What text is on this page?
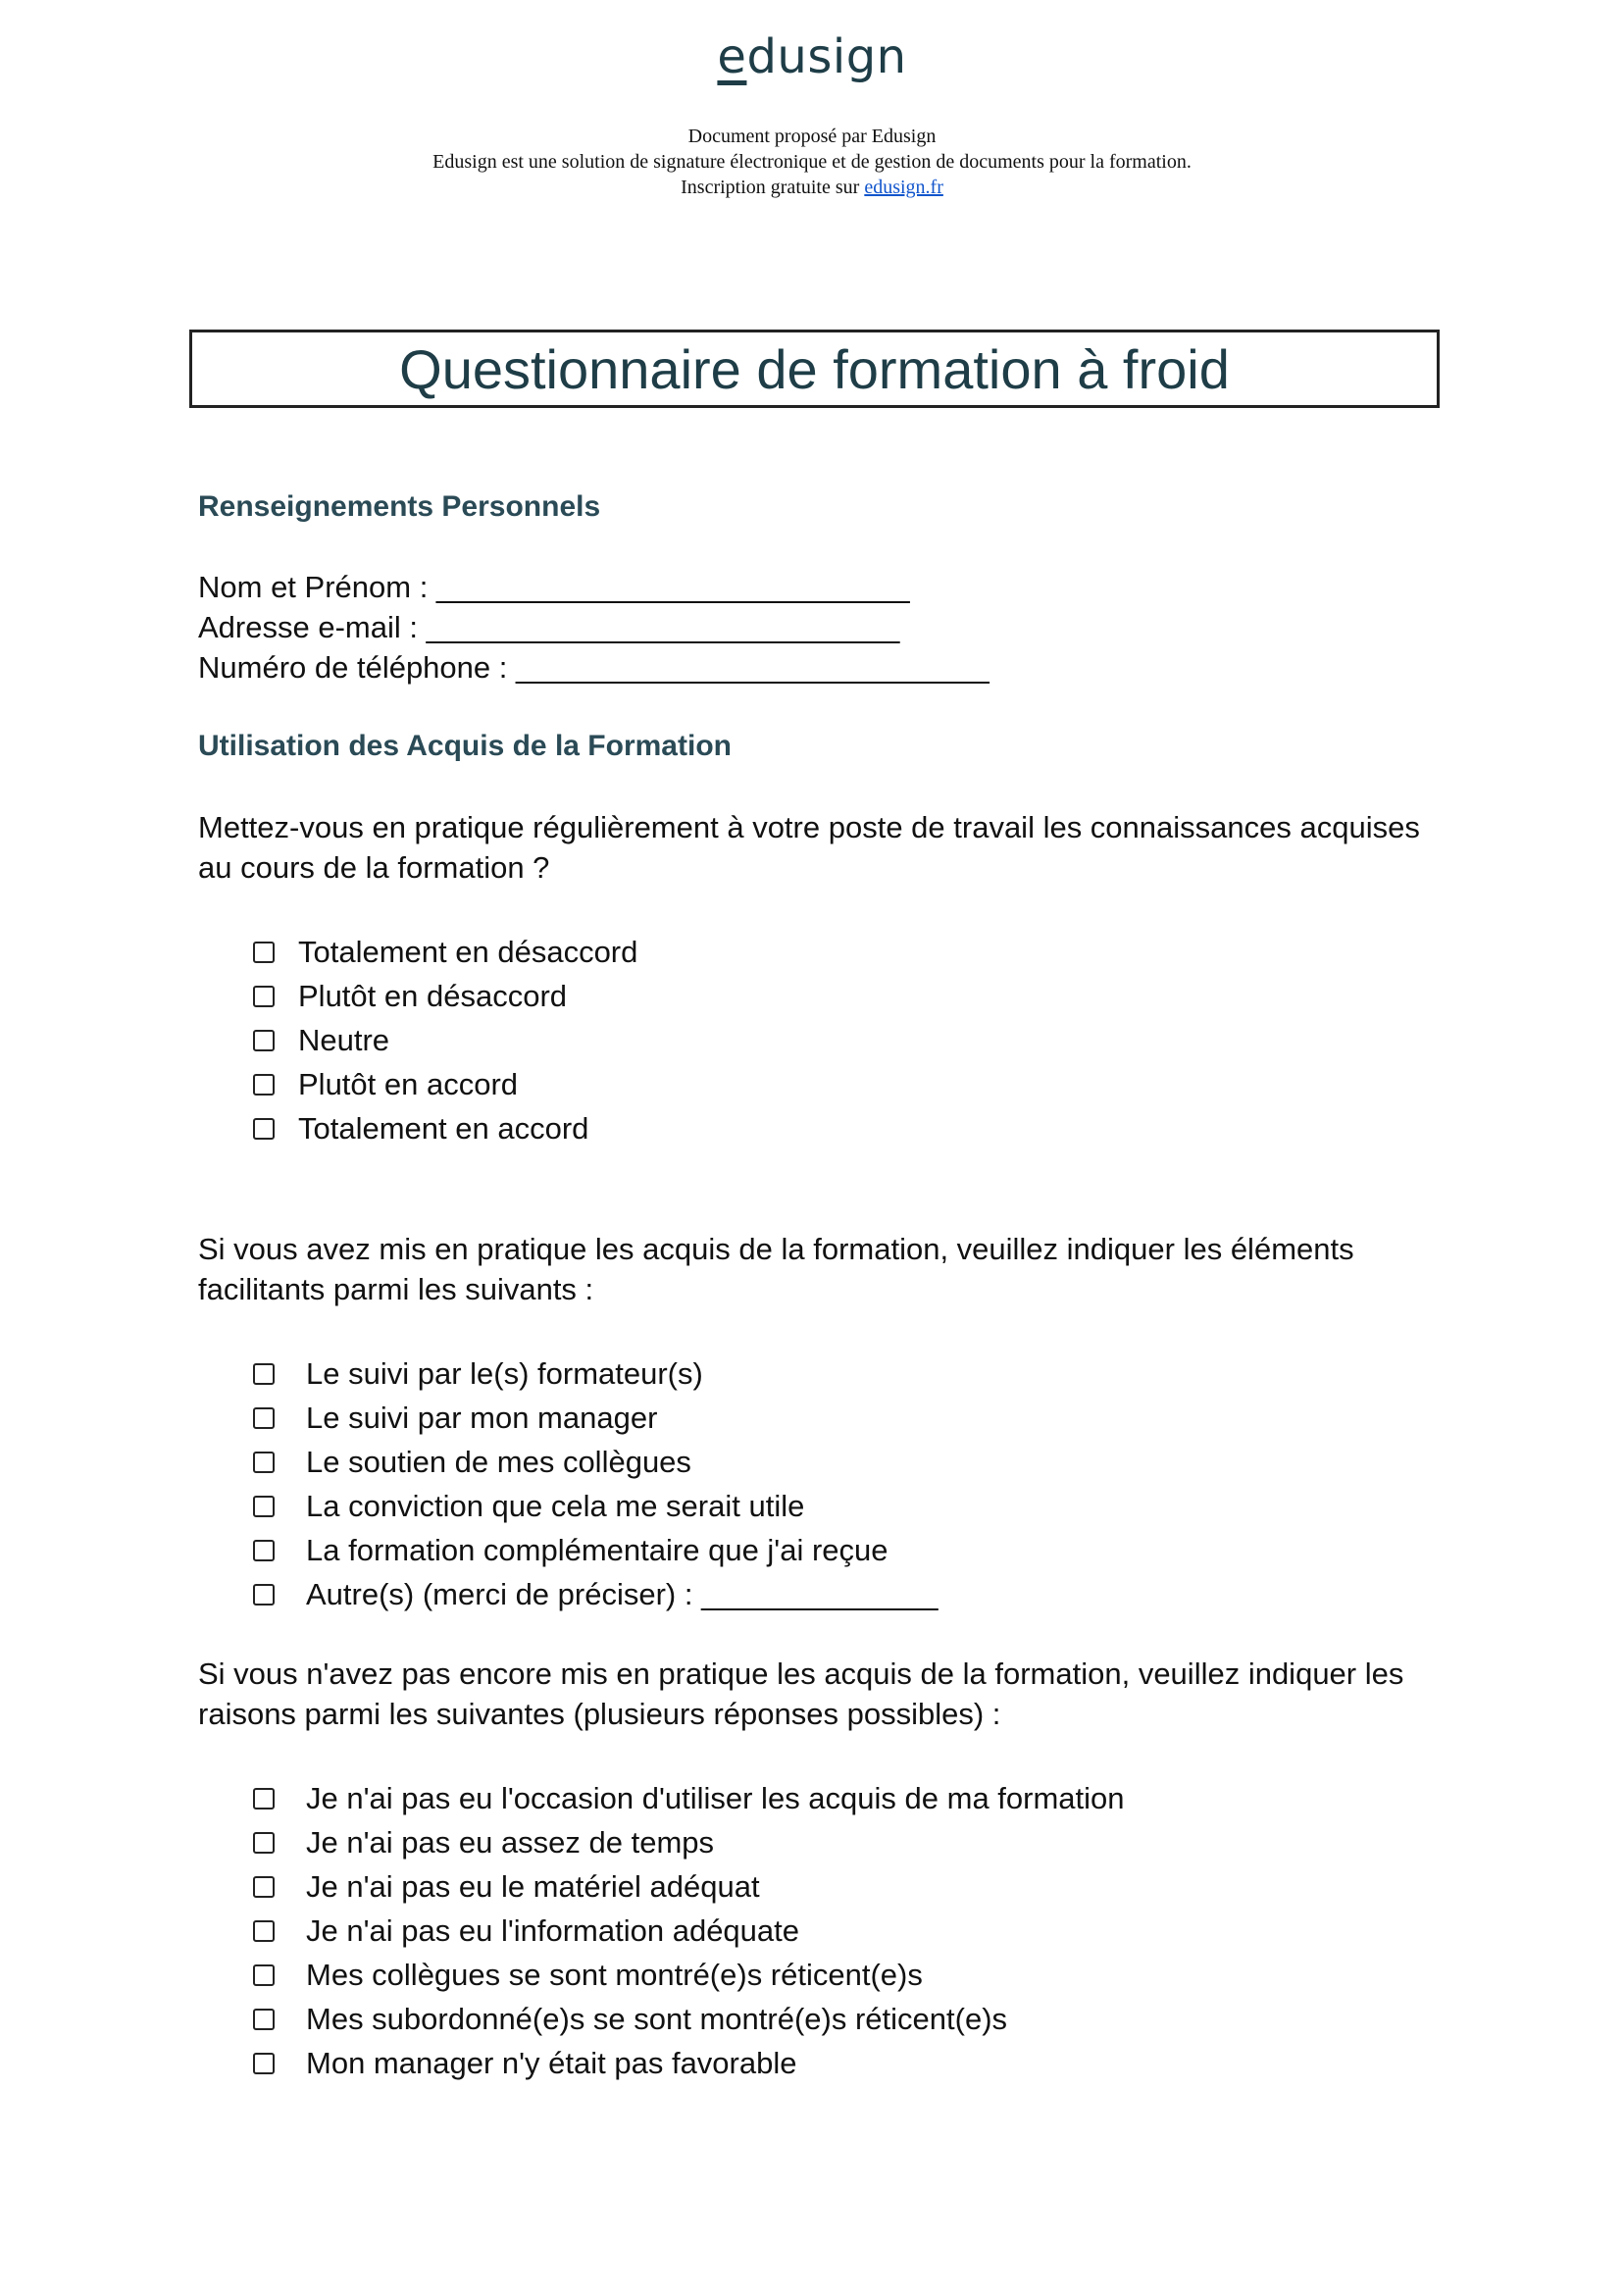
edusign
Document proposé par Edusign
Edusign est une solution de signature électronique et de gestion de documents pour la formation.
Inscription gratuite sur edusign.fr
Questionnaire de formation à froid
Renseignements Personnels
Nom et Prénom : ____________________________
Adresse e-mail : ____________________________
Numéro de téléphone : ____________________________
Utilisation des Acquis de la Formation

Mettez-vous en pratique régulièrement à votre poste de travail les connaissances acquises au cours de la formation ?

Totalement en désaccord
Plutôt en désaccord
Neutre
Plutôt en accord
Totalement en accord

Si vous avez mis en pratique les acquis de la formation, veuillez indiquer les éléments facilitants parmi les suivants :

Le suivi par le(s) formateur(s)
Le suivi par mon manager
Le soutien de mes collègues
La conviction que cela me serait utile
La formation complémentaire que j'ai reçue
Autre(s) (merci de préciser) : ______________

Si vous n'avez pas encore mis en pratique les acquis de la formation, veuillez indiquer les raisons parmi les suivantes (plusieurs réponses possibles) :

Je n'ai pas eu l'occasion d'utiliser les acquis de ma formation
Je n'ai pas eu assez de temps
Je n'ai pas eu le matériel adéquat
Je n'ai pas eu l'information adéquate
Mes collègues se sont montré(e)s réticent(e)s
Mes subordonné(e)s se sont montré(e)s réticent(e)s
Mon manager n'y était pas favorable
